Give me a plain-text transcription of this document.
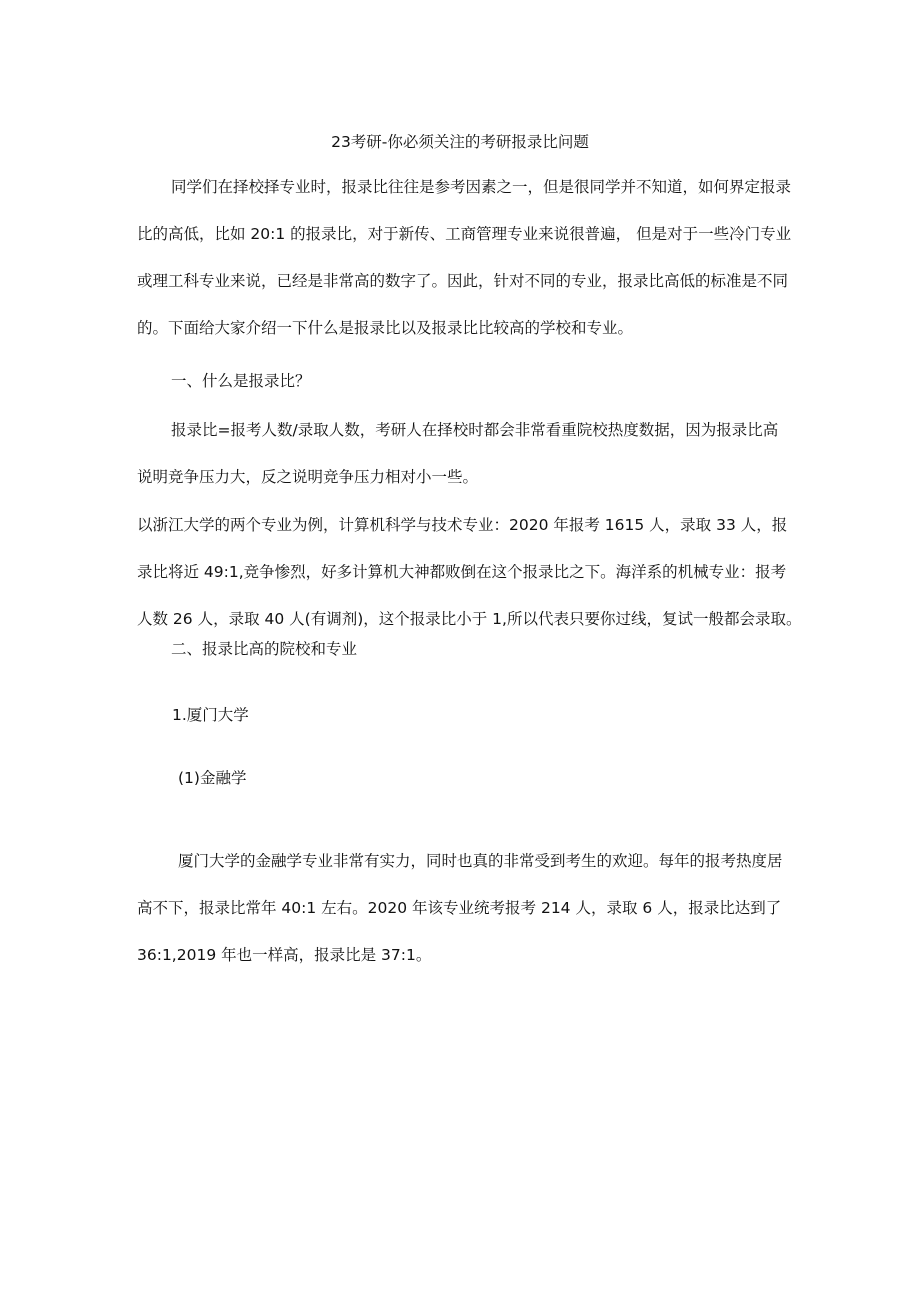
23考研-你必须关注的考研报录比问题

同学们在择校择专业时，报录比往往是参考因素之一，但是很同学并不知道，如何界定报录

比的高低，比如 20:1 的报录比，对于新传、工商管理专业来说很普遍， 但是对于一些冷门专业

或理工科专业来说，已经是非常高的数字了。因此，针对不同的专业，报录比高低的标准是不同

的。下面给大家介绍一下什么是报录比以及报录比比较高的学校和专业。

一、什么是报录比？

报录比=报考人数/录取人数，考研人在择校时都会非常看重院校热度数据，因为报录比高

说明竞争压力大，反之说明竞争压力相对小一些。

以浙江大学的两个专业为例，计算机科学与技术专业：2020 年报考 1615 人，录取 33 人，报

录比将近 49:1,竞争惨烈，好多计算机大神都败倒在这个报录比之下。海洋系的机械专业：报考

人数 26 人，录取 40 人(有调剂)，这个报录比小于 1,所以代表只要你过线，复试一般都会录取。

二、报录比高的院校和专业

1.厦门大学

(1)金融学

厦门大学的金融学专业非常有实力，同时也真的非常受到考生的欢迎。每年的报考热度居

高不下，报录比常年 40:1 左右。2020 年该专业统考报考 214 人，录取 6 人，报录比达到了

36:1,2019 年也一样高，报录比是 37:1。
